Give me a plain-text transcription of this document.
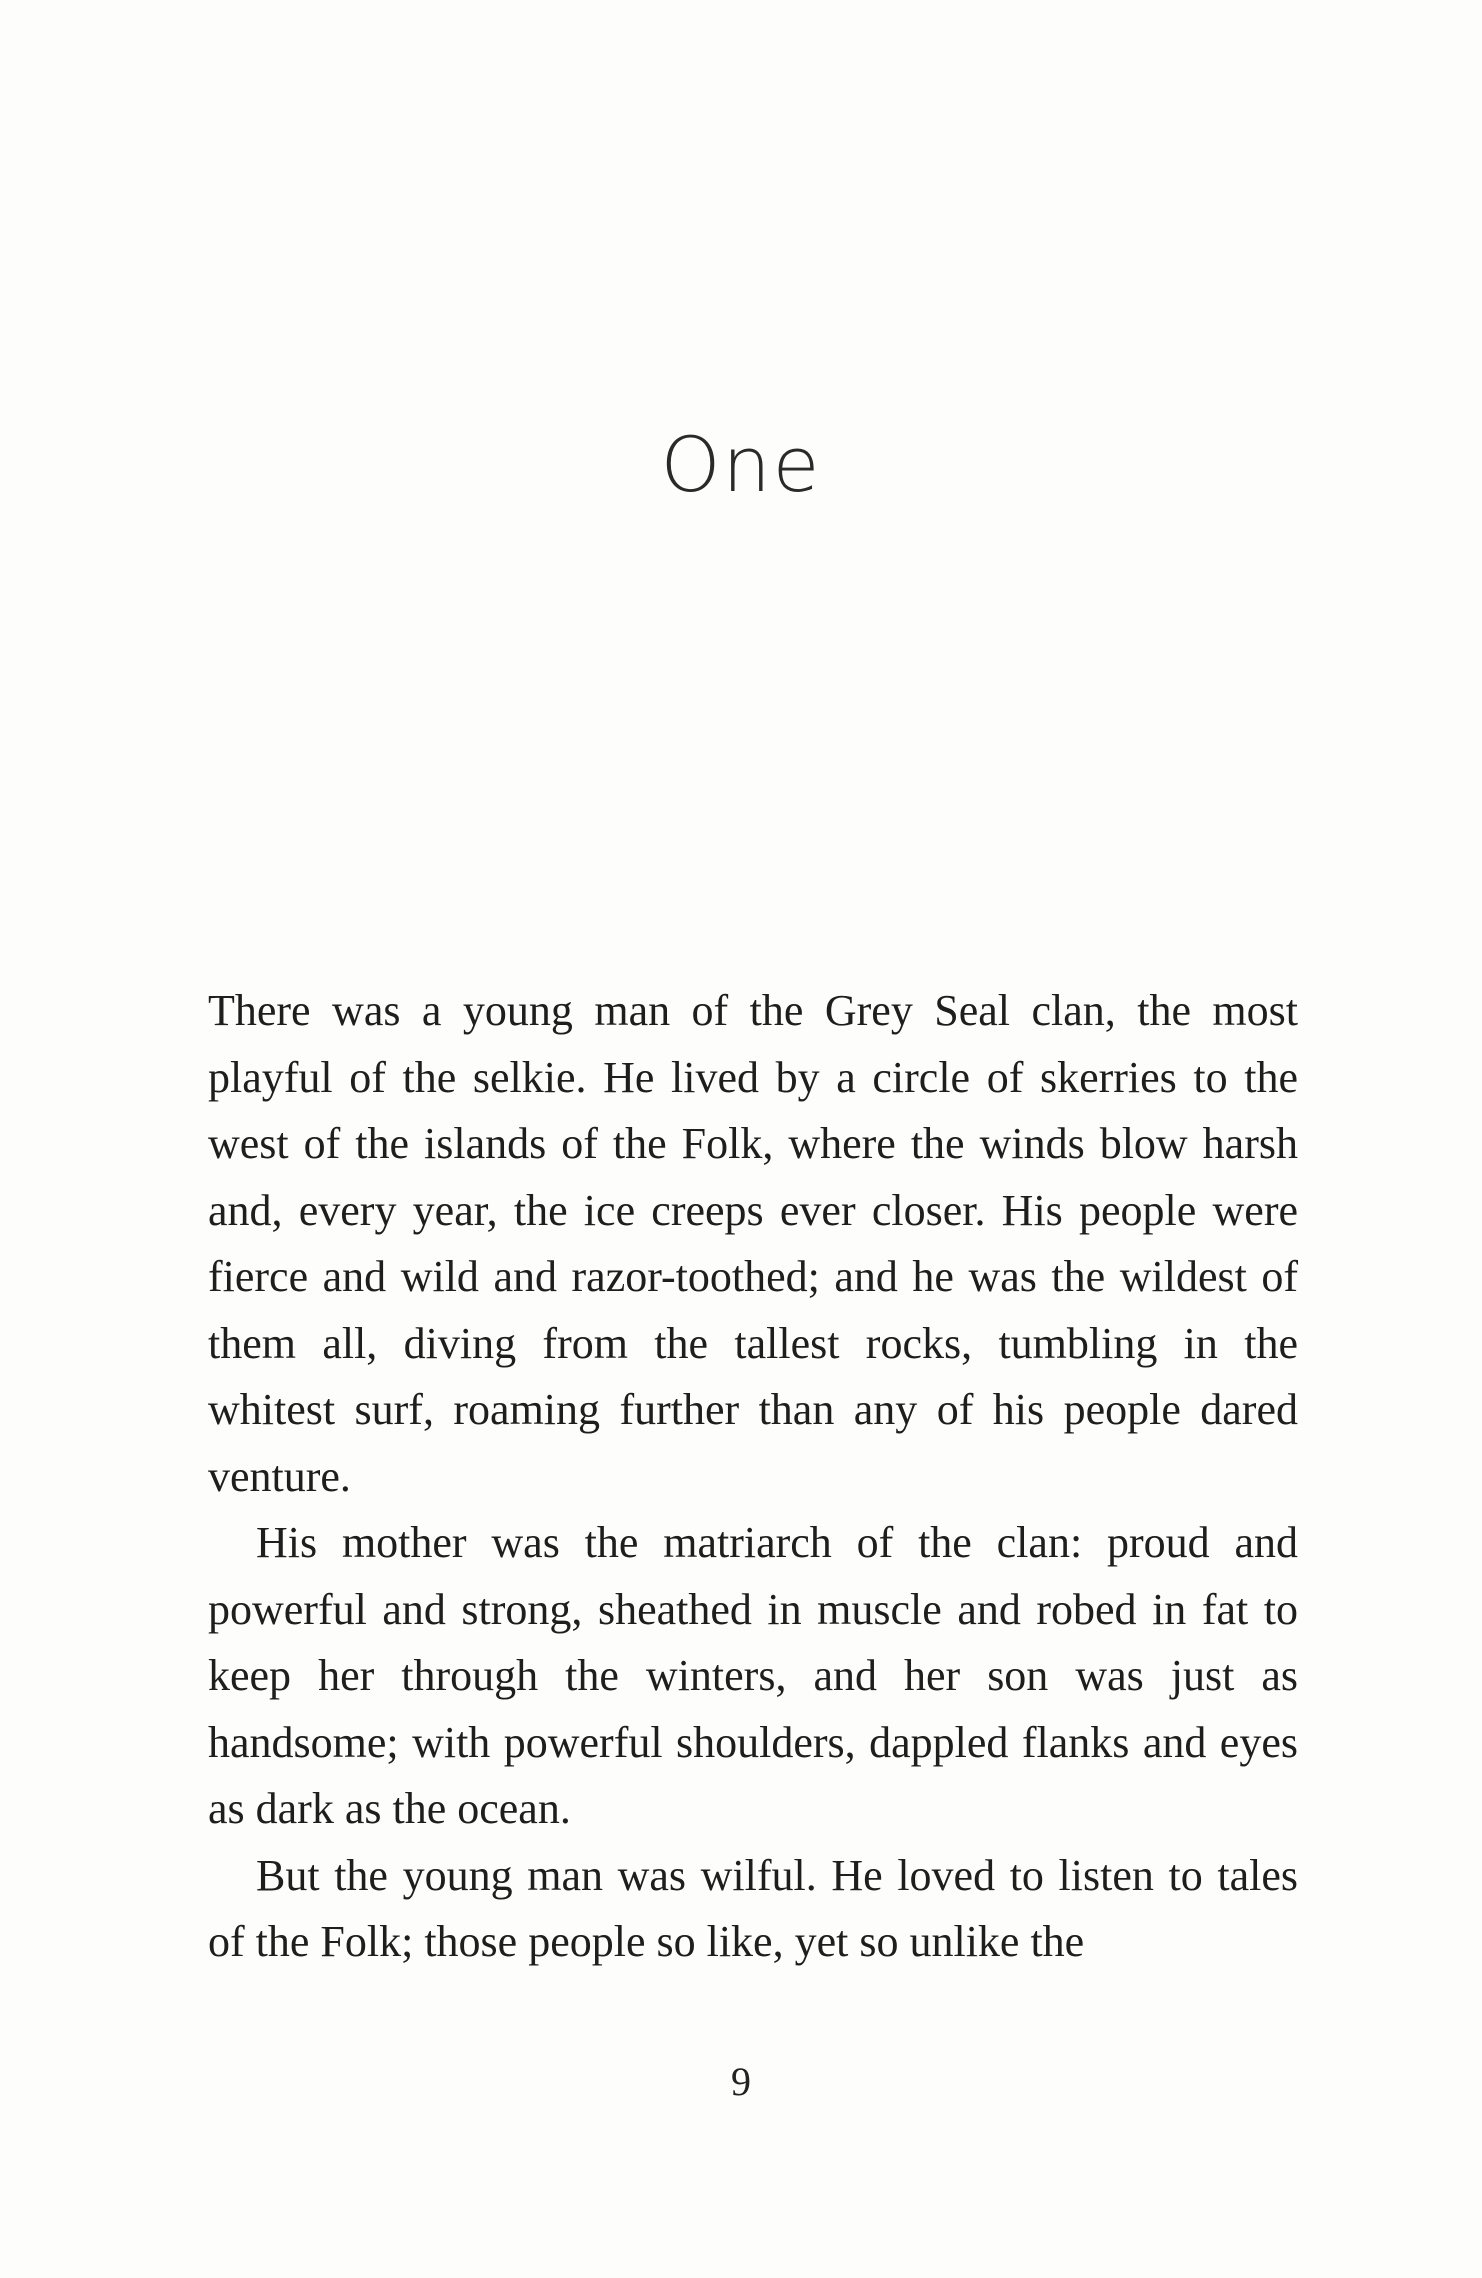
One

There was a young man of the Grey Seal clan, the most playful of the selkie. He lived by a circle of skerries to the west of the islands of the Folk, where the winds blow harsh and, every year, the ice creeps ever closer. His people were fierce and wild and razor-toothed; and he was the wildest of them all, diving from the tallest rocks, tumbling in the whitest surf, roaming further than any of his people dared venture.

His mother was the matriarch of the clan: proud and powerful and strong, sheathed in muscle and robed in fat to keep her through the winters, and her son was just as handsome; with powerful shoulders, dappled flanks and eyes as dark as the ocean.

But the young man was wilful. He loved to listen to tales of the Folk; those people so like, yet so unlike the

9
